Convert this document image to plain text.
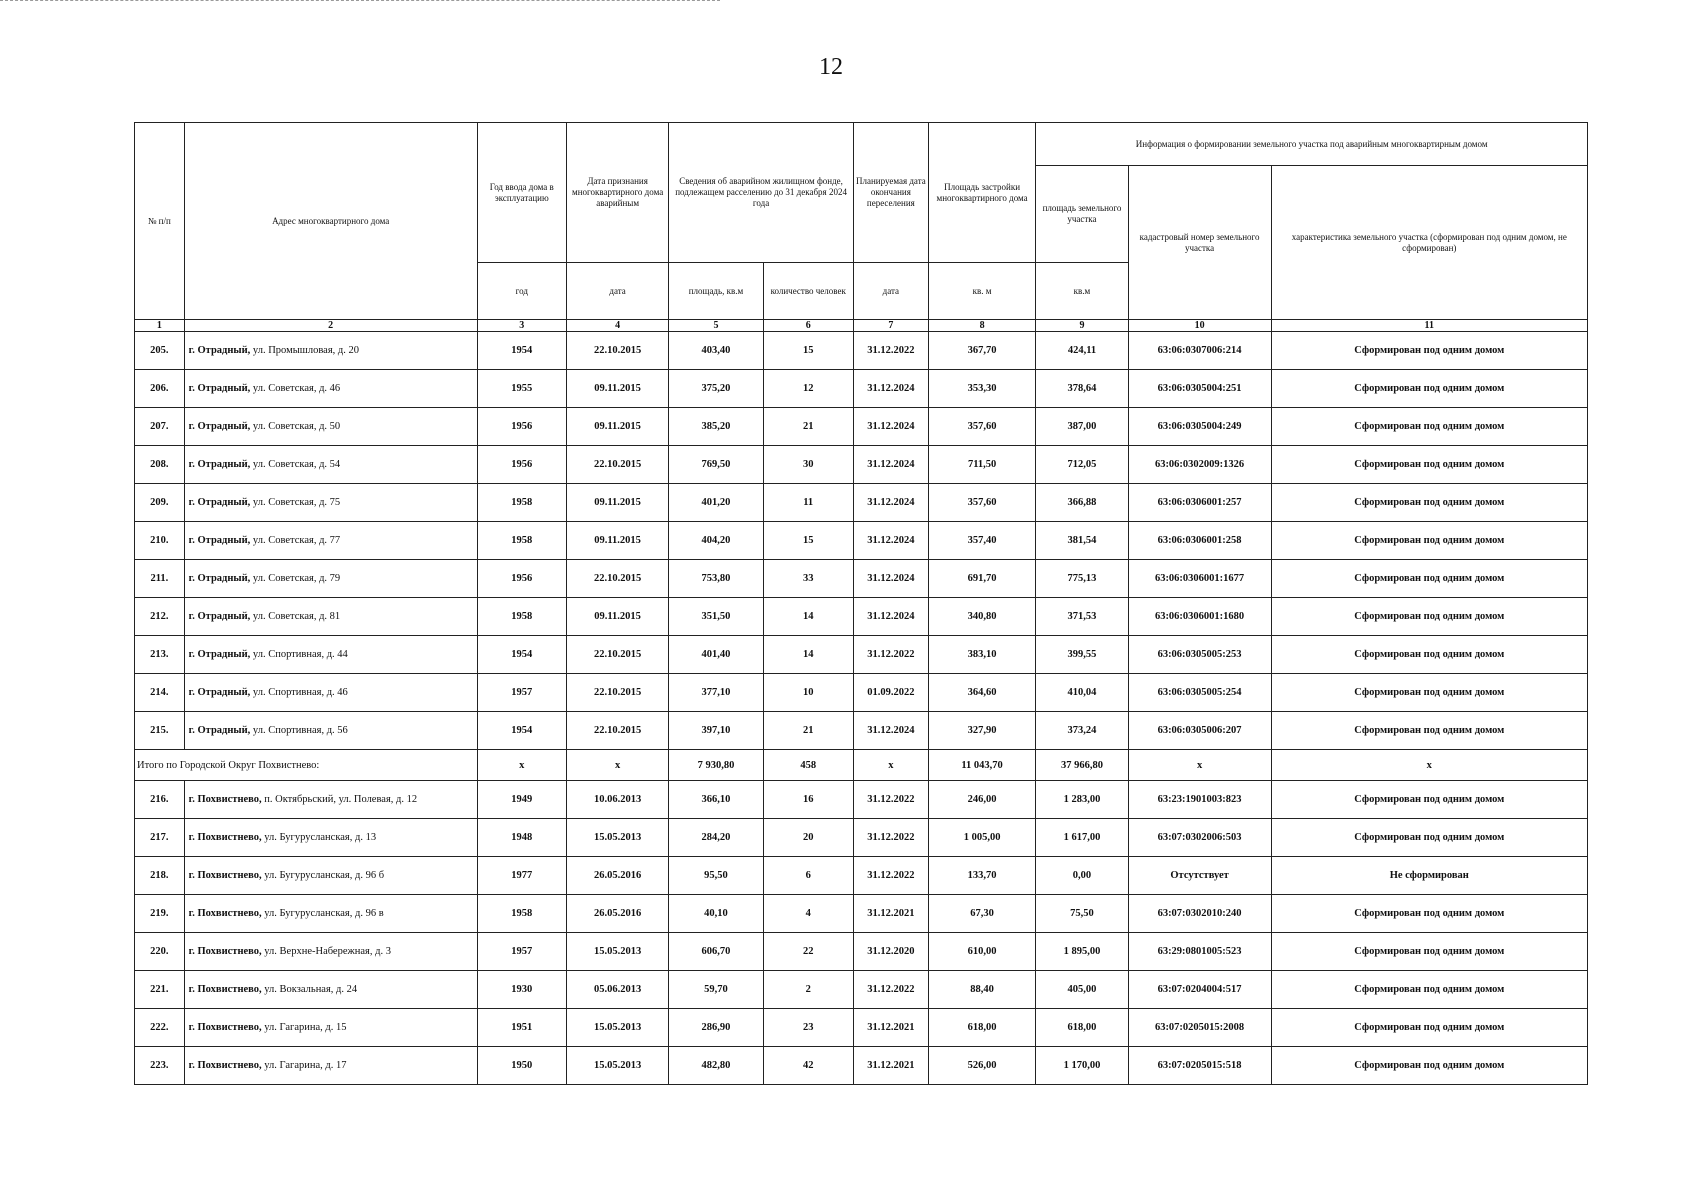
12
№ п/п	Адрес многоквартирного дома	Год ввода дома в эксплуатацию	Дата признания многоквартирного дома аварийным	Сведения об аварийном жилищном фонде, подлежащем расселению до 31 декабря 2024 года		Планируемая дата окончания переселения	Площадь застройки многоквартирного дома	Информация о формировании земельного участка под аварийным многоквартирным домом		
								площадь земельного участка	кадастровый номер земельного участка	характеристика земельного участка (сформирован под одним домом, не сформирован)
		год	дата	площадь, кв.м	количество человек	дата	кв. м	кв.м		
1	2	3	4	5	6	7	8	9	10	11
205.	г. Отрадный, ул. Промышловая, д. 20	1954	22.10.2015	403,40	15	31.12.2022	367,70	424,11	63:06:0307006:214	Сформирован под одним домом
206.	г. Отрадный, ул. Советская, д. 46	1955	09.11.2015	375,20	12	31.12.2024	353,30	378,64	63:06:0305004:251	Сформирован под одним домом
207.	г. Отрадный, ул. Советская, д. 50	1956	09.11.2015	385,20	21	31.12.2024	357,60	387,00	63:06:0305004:249	Сформирован под одним домом
208.	г. Отрадный, ул. Советская, д. 54	1956	22.10.2015	769,50	30	31.12.2024	711,50	712,05	63:06:0302009:1326	Сформирован под одним домом
209.	г. Отрадный, ул. Советская, д. 75	1958	09.11.2015	401,20	11	31.12.2024	357,60	366,88	63:06:0306001:257	Сформирован под одним домом
210.	г. Отрадный, ул. Советская, д. 77	1958	09.11.2015	404,20	15	31.12.2024	357,40	381,54	63:06:0306001:258	Сформирован под одним домом
211.	г. Отрадный, ул. Советская, д. 79	1956	22.10.2015	753,80	33	31.12.2024	691,70	775,13	63:06:0306001:1677	Сформирован под одним домом
212.	г. Отрадный, ул. Советская, д. 81	1958	09.11.2015	351,50	14	31.12.2024	340,80	371,53	63:06:0306001:1680	Сформирован под одним домом
213.	г. Отрадный, ул. Спортивная, д. 44	1954	22.10.2015	401,40	14	31.12.2022	383,10	399,55	63:06:0305005:253	Сформирован под одним домом
214.	г. Отрадный, ул. Спортивная, д. 46	1957	22.10.2015	377,10	10	01.09.2022	364,60	410,04	63:06:0305005:254	Сформирован под одним домом
215.	г. Отрадный, ул. Спортивная, д. 56	1954	22.10.2015	397,10	21	31.12.2024	327,90	373,24	63:06:0305006:207	Сформирован под одним домом
Итого по Городской Округ Похвистнево:		x	x	7 930,80	458	x	11 043,70	37 966,80	x	x
216.	г. Похвистнево, п. Октябрьский, ул. Полевая, д. 12	1949	10.06.2013	366,10	16	31.12.2022	246,00	1 283,00	63:23:1901003:823	Сформирован под одним домом
217.	г. Похвистнево, ул. Бугурусланская, д. 13	1948	15.05.2013	284,20	20	31.12.2022	1 005,00	1 617,00	63:07:0302006:503	Сформирован под одним домом
218.	г. Похвистнево, ул. Бугурусланская, д. 96 б	1977	26.05.2016	95,50	6	31.12.2022	133,70	0,00	Отсутствует	Не сформирован
219.	г. Похвистнево, ул. Бугурусланская, д. 96 в	1958	26.05.2016	40,10	4	31.12.2021	67,30	75,50	63:07:0302010:240	Сформирован под одним домом
220.	г. Похвистнево, ул. Верхне-Набережная, д. 3	1957	15.05.2013	606,70	22	31.12.2020	610,00	1 895,00	63:29:0801005:523	Сформирован под одним домом
221.	г. Похвистнево, ул. Вокзальная, д. 24	1930	05.06.2013	59,70	2	31.12.2022	88,40	405,00	63:07:0204004:517	Сформирован под одним домом
222.	г. Похвистнево, ул. Гагарина, д. 15	1951	15.05.2013	286,90	23	31.12.2021	618,00	618,00	63:07:0205015:2008	Сформирован под одним домом
223.	г. Похвистнево, ул. Гагарина, д. 17	1950	15.05.2013	482,80	42	31.12.2021	526,00	1 170,00	63:07:0205015:518	Сформирован под одним домом
